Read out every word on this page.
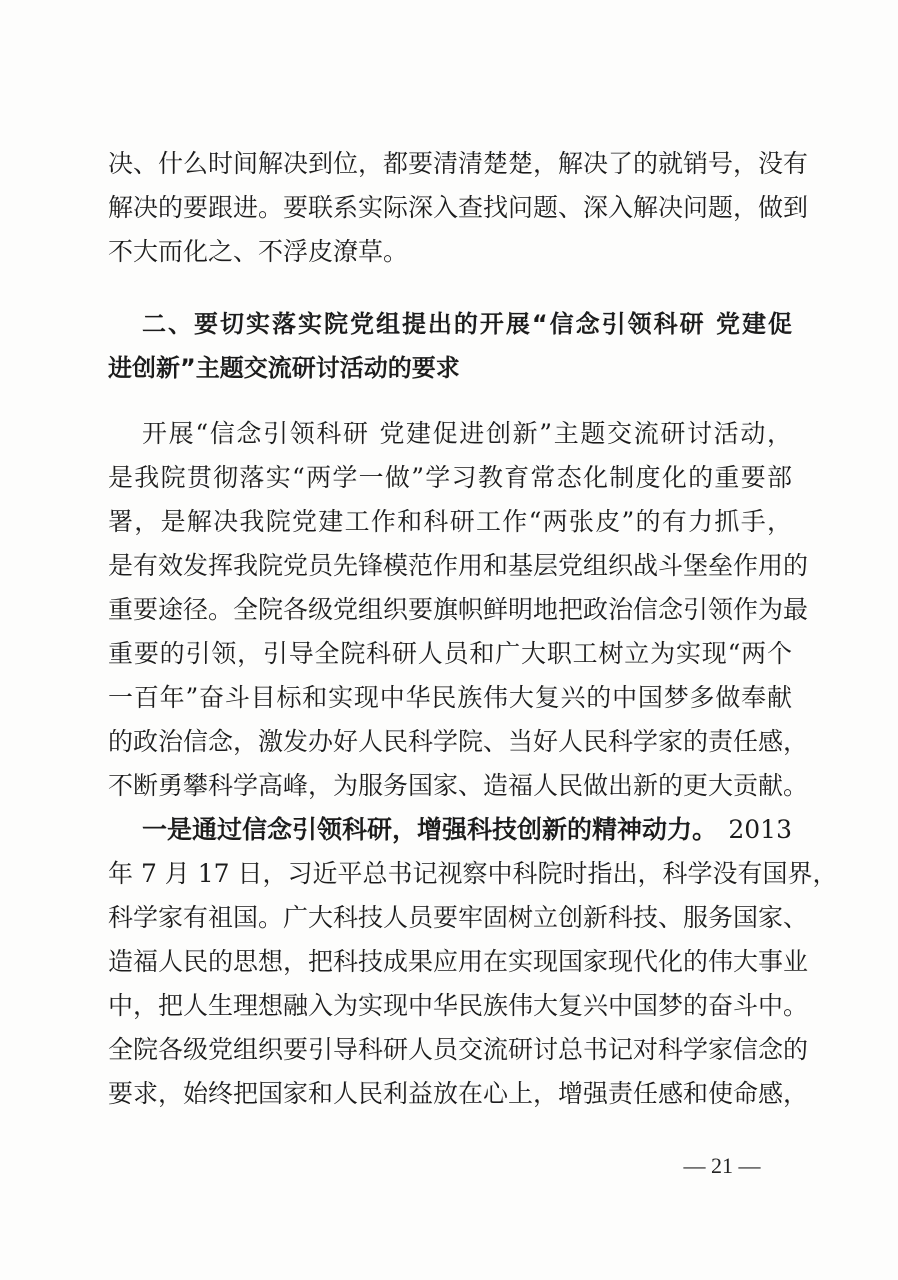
决、什么时间解决到位，都要清清楚楚，解决了的就销号，没有
解决的要跟进。要联系实际深入查找问题、深入解决问题，做到
不大而化之、不浮皮潦草。
二、要切实落实院党组提出的开展“信念引领科研 党建促
进创新”主题交流研讨活动的要求
开展“信念引领科研 党建促进创新”主题交流研讨活动，
是我院贯彻落实“两学一做”学习教育常态化制度化的重要部
署，是解决我院党建工作和科研工作“两张皮”的有力抓手，
是有效发挥我院党员先锋模范作用和基层党组织战斗堡垒作用的
重要途径。全院各级党组织要旗帜鲜明地把政治信念引领作为最
重要的引领，引导全院科研人员和广大职工树立为实现“两个
一百年”奋斗目标和实现中华民族伟大复兴的中国梦多做奉献
的政治信念，激发办好人民科学院、当好人民科学家的责任感，
不断勇攀科学高峰，为服务国家、造福人民做出新的更大贡献。
一是通过信念引领科研，增强科技创新的精神动力。 2013
年 7 月 17 日，习近平总书记视察中科院时指出，科学没有国界，
科学家有祖国。广大科技人员要牢固树立创新科技、服务国家、
造福人民的思想，把科技成果应用在实现国家现代化的伟大事业
中，把人生理想融入为实现中华民族伟大复兴中国梦的奋斗中。
全院各级党组织要引导科研人员交流研讨总书记对科学家信念的
要求，始终把国家和人民利益放在心上，增强责任感和使命感，
— 21 —
